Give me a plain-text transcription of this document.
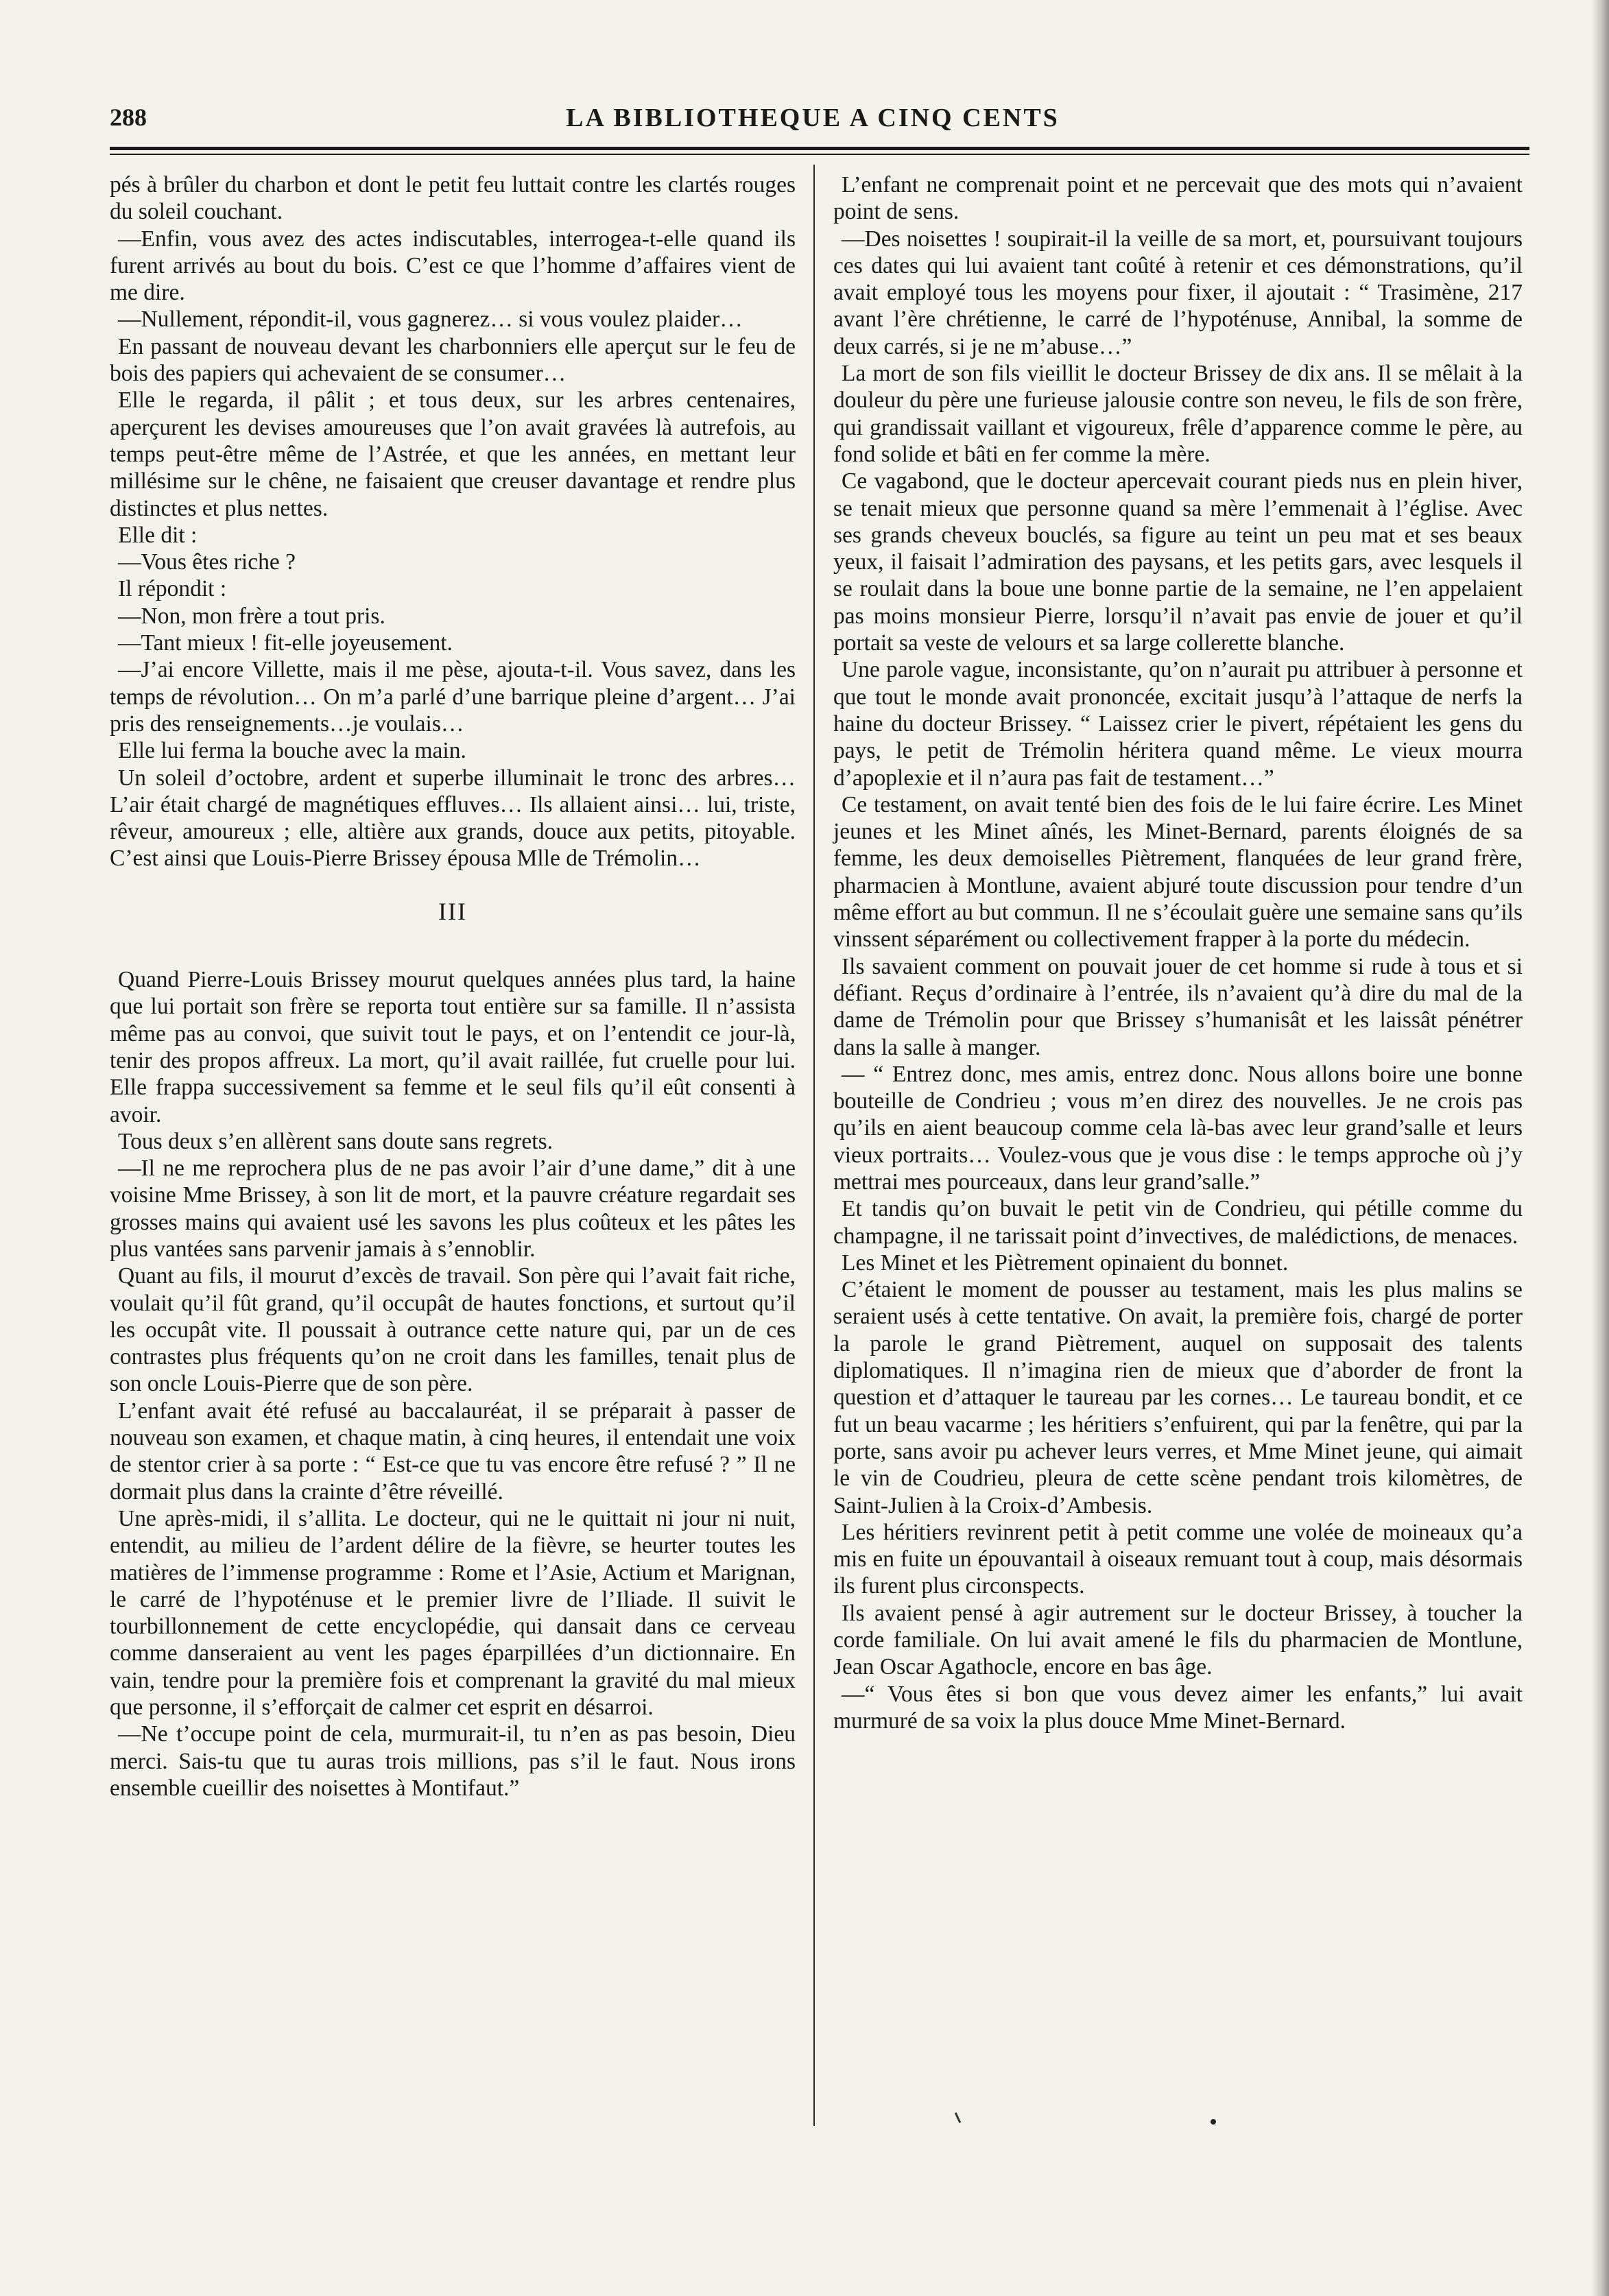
288	LA BIBLIOTHEQUE A CINQ CENTS

pés à brûler du charbon et dont le petit feu luttait contre les clartés rouges du soleil couchant.

—Enfin, vous avez des actes indiscutables, interrogea-t-elle quand ils furent arrivés au bout du bois. C’est ce que l’homme d’affaires vient de me dire.

—Nullement, répondit-il, vous gagnerez… si vous voulez plaider…

En passant de nouveau devant les charbonniers elle aperçut sur le feu de bois des papiers qui achevaient de se consumer…

Elle le regarda, il pâlit ; et tous deux, sur les arbres centenaires, aperçurent les devises amoureuses que l’on avait gravées là autrefois, au temps peut-être même de l’Astrée, et que les années, en mettant leur millésime sur le chêne, ne faisaient que creuser davantage et rendre plus distinctes et plus nettes.

Elle dit :

—Vous êtes riche ?

Il répondit :

—Non, mon frère a tout pris.

—Tant mieux ! fit-elle joyeusement.

—J’ai encore Villette, mais il me pèse, ajouta-t-il. Vous savez, dans les temps de révolution… On m’a parlé d’une barrique pleine d’argent… J’ai pris des renseignements…je voulais…

Elle lui ferma la bouche avec la main.

Un soleil d’octobre, ardent et superbe illuminait le tronc des arbres… L’air était chargé de magnétiques effluves… Ils allaient ainsi… lui, triste, rêveur, amoureux ; elle, altière aux grands, douce aux petits, pitoyable. C’est ainsi que Louis-Pierre Brissey épousa Mlle de Trémolin…

III

Quand Pierre-Louis Brissey mourut quelques années plus tard, la haine que lui portait son frère se reporta tout entière sur sa famille. Il n’assista même pas au convoi, que suivit tout le pays, et on l’entendit ce jour-là, tenir des propos affreux. La mort, qu’il avait raillée, fut cruelle pour lui. Elle frappa successivement sa femme et le seul fils qu’il eût consenti à avoir.

Tous deux s’en allèrent sans doute sans regrets.

—Il ne me reprochera plus de ne pas avoir l’air d’une dame,” dit à une voisine Mme Brissey, à son lit de mort, et la pauvre créature regardait ses grosses mains qui avaient usé les savons les plus coûteux et les pâtes les plus vantées sans parvenir jamais à s’ennoblir.

Quant au fils, il mourut d’excès de travail. Son père qui l’avait fait riche, voulait qu’il fût grand, qu’il occupât de hautes fonctions, et surtout qu’il les occupât vite. Il poussait à outrance cette nature qui, par un de ces contrastes plus fréquents qu’on ne croit dans les familles, tenait plus de son oncle Louis-Pierre que de son père.

L’enfant avait été refusé au baccalauréat, il se préparait à passer de nouveau son examen, et chaque matin, à cinq heures, il entendait une voix de stentor crier à sa porte : “ Est-ce que tu vas encore être refusé ? ” Il ne dormait plus dans la crainte d’être réveillé.

Une après-midi, il s’allita. Le docteur, qui ne le quittait ni jour ni nuit, entendit, au milieu de l’ardent délire de la fièvre, se heurter toutes les matières de l’immense programme : Rome et l’Asie, Actium et Marignan, le carré de l’hypoténuse et le premier livre de l’Iliade. Il suivit le tourbillonnement de cette encyclopédie, qui dansait dans ce cerveau comme danseraient au vent les pages éparpillées d’un dictionnaire. En vain, tendre pour la première fois et comprenant la gravité du mal mieux que personne, il s’efforçait de calmer cet esprit en désarroi.

—Ne t’occupe point de cela, murmurait-il, tu n’en as pas besoin, Dieu merci. Sais-tu que tu auras trois millions, pas s’il le faut. Nous irons ensemble cueillir des noisettes à Montifaut.”

L’enfant ne comprenait point et ne percevait que des mots qui n’avaient point de sens.

—Des noisettes ! soupirait-il la veille de sa mort, et, poursuivant toujours ces dates qui lui avaient tant coûté à retenir et ces démonstrations, qu’il avait employé tous les moyens pour fixer, il ajoutait : “ Trasimène, 217 avant l’ère chrétienne, le carré de l’hypoténuse, Annibal, la somme de deux carrés, si je ne m’abuse…”

La mort de son fils vieillit le docteur Brissey de dix ans. Il se mêlait à la douleur du père une furieuse jalousie contre son neveu, le fils de son frère, qui grandissait vaillant et vigoureux, frêle d’apparence comme le père, au fond solide et bâti en fer comme la mère.

Ce vagabond, que le docteur apercevait courant pieds nus en plein hiver, se tenait mieux que personne quand sa mère l’emmenait à l’église. Avec ses grands cheveux bouclés, sa figure au teint un peu mat et ses beaux yeux, il faisait l’admiration des paysans, et les petits gars, avec lesquels il se roulait dans la boue une bonne partie de la semaine, ne l’en appelaient pas moins monsieur Pierre, lorsqu’il n’avait pas envie de jouer et qu’il portait sa veste de velours et sa large collerette blanche.

Une parole vague, inconsistante, qu’on n’aurait pu attribuer à personne et que tout le monde avait prononcée, excitait jusqu’à l’attaque de nerfs la haine du docteur Brissey. “ Laissez crier le pivert, répétaient les gens du pays, le petit de Trémolin héritera quand même. Le vieux mourra d’apoplexie et il n’aura pas fait de testament…”

Ce testament, on avait tenté bien des fois de le lui faire écrire. Les Minet jeunes et les Minet aînés, les Minet-Bernard, parents éloignés de sa femme, les deux demoiselles Piètrement, flanquées de leur grand frère, pharmacien à Montlune, avaient abjuré toute discussion pour tendre d’un même effort au but commun. Il ne s’écoulait guère une semaine sans qu’ils vinssent séparément ou collectivement frapper à la porte du médecin.

Ils savaient comment on pouvait jouer de cet homme si rude à tous et si défiant. Reçus d’ordinaire à l’entrée, ils n’avaient qu’à dire du mal de la dame de Trémolin pour que Brissey s’humanisât et les laissât pénétrer dans la salle à manger.

— “ Entrez donc, mes amis, entrez donc. Nous allons boire une bonne bouteille de Condrieu ; vous m’en direz des nouvelles. Je ne crois pas qu’ils en aient beaucoup comme cela là-bas avec leur grand’salle et leurs vieux portraits… Voulez-vous que je vous dise : le temps approche où j’y mettrai mes pourceaux, dans leur grand’salle.”

Et tandis qu’on buvait le petit vin de Condrieu, qui pétille comme du champagne, il ne tarissait point d’invectives, de malédictions, de menaces.

Les Minet et les Piètrement opinaient du bonnet.

C’étaient le moment de pousser au testament, mais les plus malins se seraient usés à cette tentative. On avait, la première fois, chargé de porter la parole le grand Piètrement, auquel on supposait des talents diplomatiques. Il n’imagina rien de mieux que d’aborder de front la question et d’attaquer le taureau par les cornes… Le taureau bondit, et ce fut un beau vacarme ; les héritiers s’enfuirent, qui par la fenêtre, qui par la porte, sans avoir pu achever leurs verres, et Mme Minet jeune, qui aimait le vin de Coudrieu, pleura de cette scène pendant trois kilomètres, de Saint-Julien à la Croix-d’Ambesis.

Les héritiers revinrent petit à petit comme une volée de moineaux qu’a mis en fuite un épouvantail à oiseaux remuant tout à coup, mais désormais ils furent plus circonspects.

Ils avaient pensé à agir autrement sur le docteur Brissey, à toucher la corde familiale. On lui avait amené le fils du pharmacien de Montlune, Jean Oscar Agathocle, encore en bas âge.

—“ Vous êtes si bon que vous devez aimer les enfants,” lui avait murmuré de sa voix la plus douce Mme Minet-Bernard.
